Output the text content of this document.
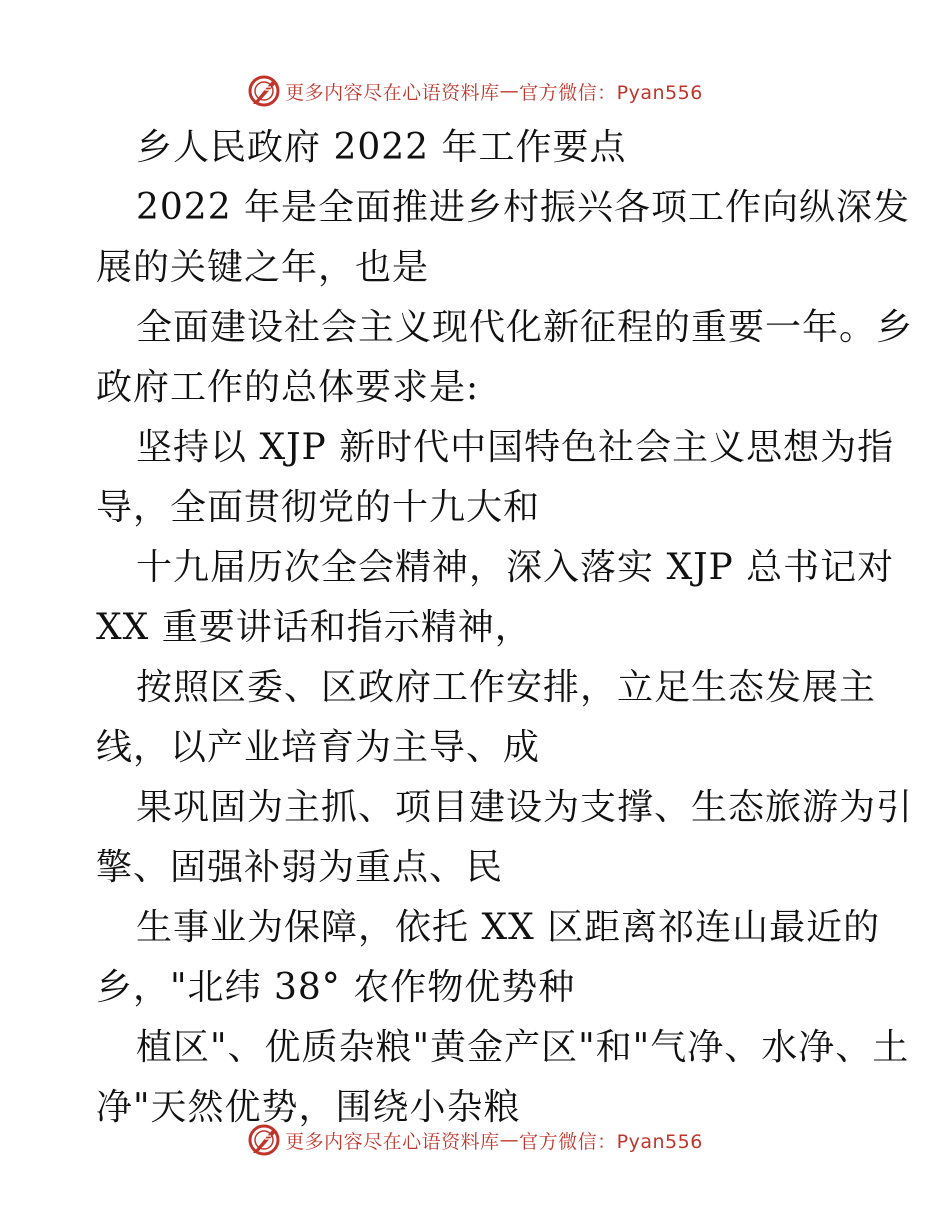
更多内容尽在心语资料库 — 官方微信：Pyan556
乡人民政府 2022 年工作要点
2022 年是全面推进乡村振兴各项工作向纵深发
展的关键之年，也是
全面建设社会主义现代化新征程的重要一年。乡
政府工作的总体要求是:
坚持以 XJP 新时代中国特色社会主义思想为指
导，全面贯彻党的十九大和
十九届历次全会精神，深入落实 XJP 总书记对
XX 重要讲话和指示精神，
按照区委、区政府工作安排，立足生态发展主
线，以产业培育为主导、成
果巩固为主抓、项目建设为支撑、生态旅游为引
擎、固强补弱为重点、民
生事业为保障，依托 XX 区距离祁连山最近的
乡，"北纬 38° 农作物优势种
植区"、优质杂粮"黄金产区"和"气净、水净、土
净"天然优势，围绕小杂粮
更多内容尽在心语资料库 — 官方微信：Pyan556
